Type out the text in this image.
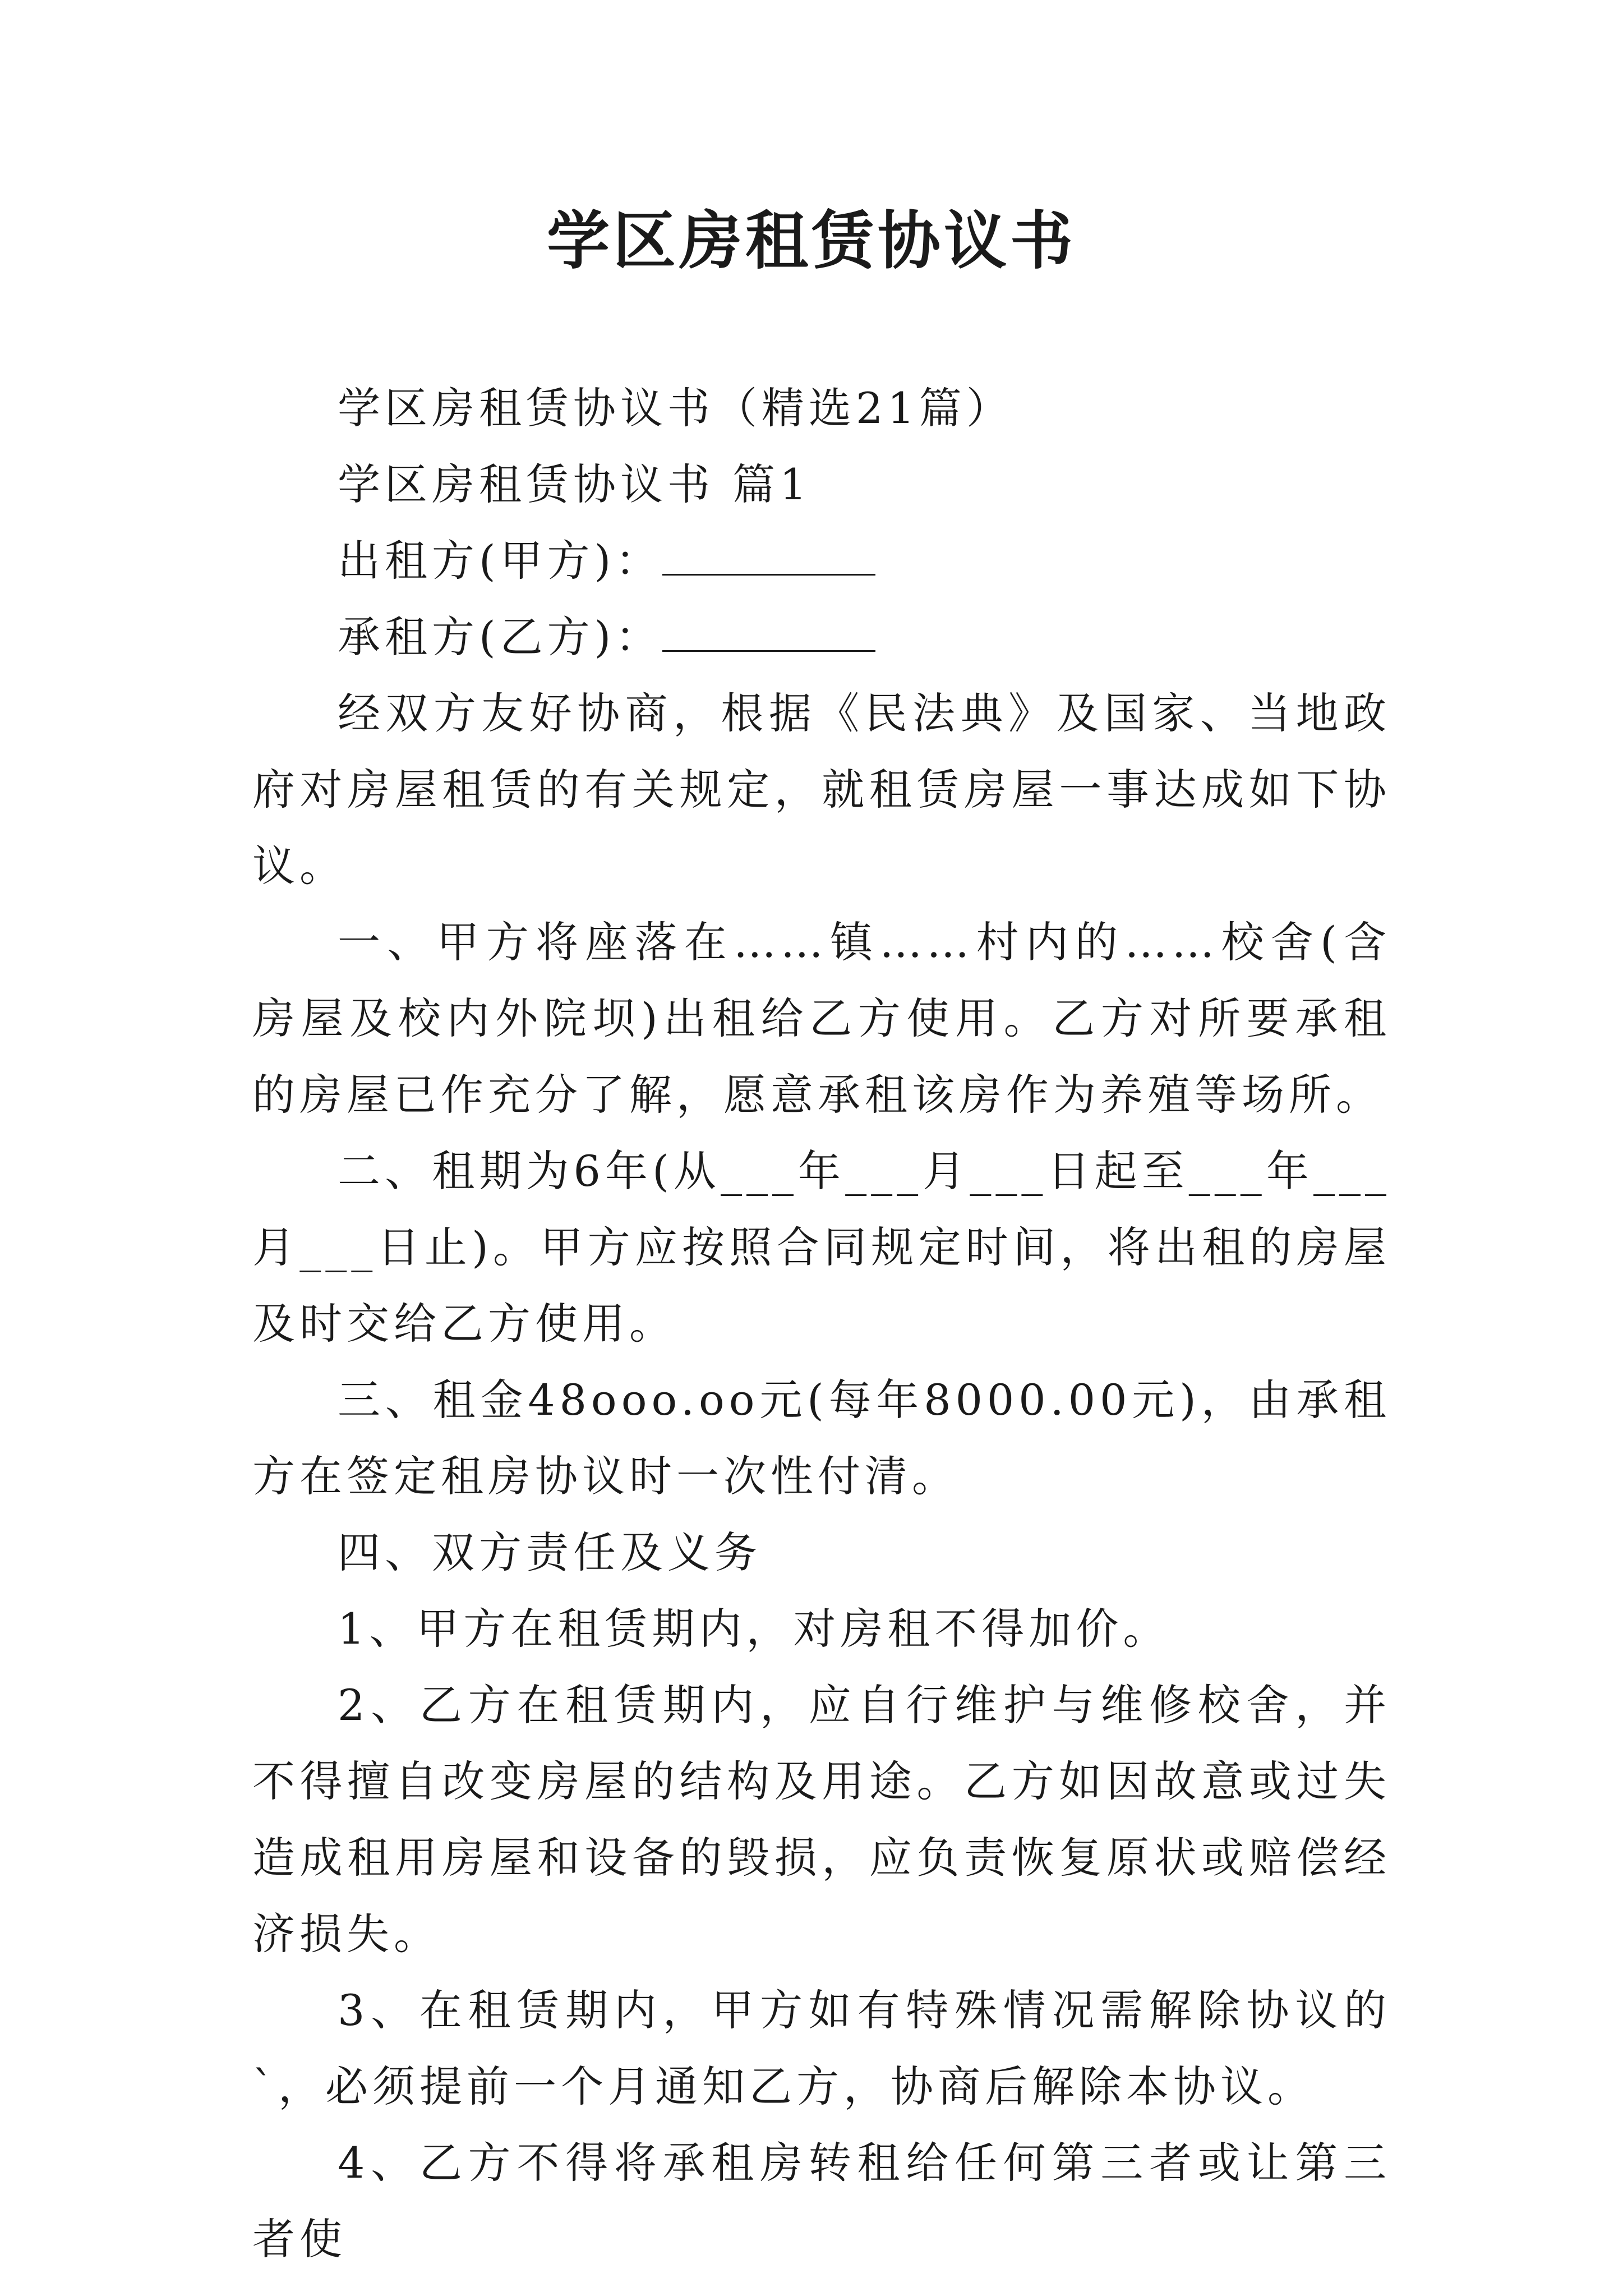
学区房租赁协议书

学区房租赁协议书（精选21篇）

学区房租赁协议书 篇1

出租方(甲方)：

承租方(乙方)：

经双方友好协商，根据《民法典》及国家、当地政府对房屋租赁的有关规定，就租赁房屋一事达成如下协议。

一、甲方将座落在……镇……村内的……校舍(含房屋及校内外院坝)出租给乙方使用。乙方对所要承租的房屋已作充分了解，愿意承租该房作为养殖等场所。

二、租期为6年(从___年___月___日起至___年___月___日止)。甲方应按照合同规定时间，将出租的房屋及时交给乙方使用。

三、租金48ooo.oo元(每年8000.00元)，由承租方在签定租房协议时一次性付清。

四、双方责任及义务

1、甲方在租赁期内，对房租不得加价。

2、乙方在租赁期内，应自行维护与维修校舍，并不得擅自改变房屋的结构及用途。乙方如因故意或过失造成租用房屋和设备的毁损，应负责恢复原状或赔偿经济损失。

3、在租赁期内，甲方如有特殊情况需解除协议的`，必须提前一个月通知乙方，协商后解除本协议。

4、乙方不得将承租房转租给任何第三者或让第三者使
